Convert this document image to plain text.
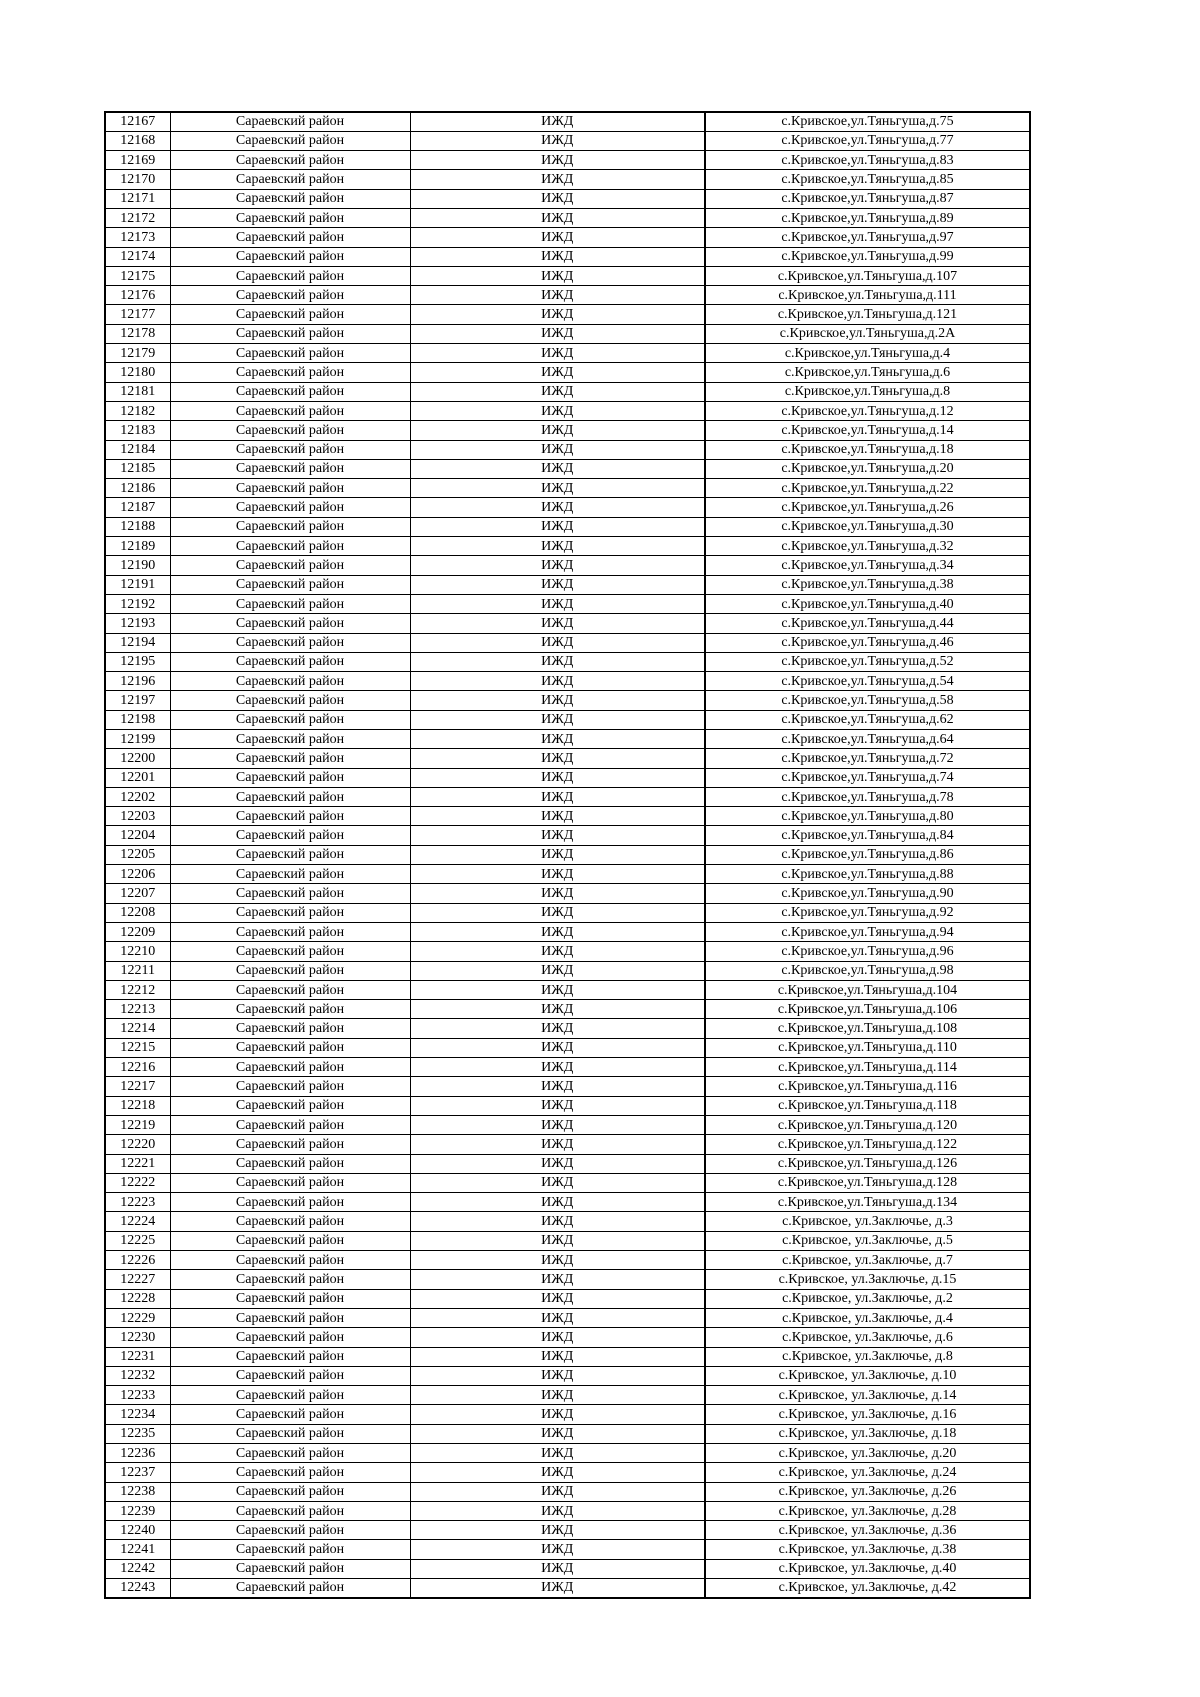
12167	Сараевский район	ИЖД	с.Кривское,ул.Тяньгуша,д.75
12168	Сараевский район	ИЖД	с.Кривское,ул.Тяньгуша,д.77
12169	Сараевский район	ИЖД	с.Кривское,ул.Тяньгуша,д.83
12170	Сараевский район	ИЖД	с.Кривское,ул.Тяньгуша,д.85
12171	Сараевский район	ИЖД	с.Кривское,ул.Тяньгуша,д.87
12172	Сараевский район	ИЖД	с.Кривское,ул.Тяньгуша,д.89
12173	Сараевский район	ИЖД	с.Кривское,ул.Тяньгуша,д.97
12174	Сараевский район	ИЖД	с.Кривское,ул.Тяньгуша,д.99
12175	Сараевский район	ИЖД	с.Кривское,ул.Тяньгуша,д.107
12176	Сараевский район	ИЖД	с.Кривское,ул.Тяньгуша,д.111
12177	Сараевский район	ИЖД	с.Кривское,ул.Тяньгуша,д.121
12178	Сараевский район	ИЖД	с.Кривское,ул.Тяньгуша,д.2А
12179	Сараевский район	ИЖД	с.Кривское,ул.Тяньгуша,д.4
12180	Сараевский район	ИЖД	с.Кривское,ул.Тяньгуша,д.6
12181	Сараевский район	ИЖД	с.Кривское,ул.Тяньгуша,д.8
12182	Сараевский район	ИЖД	с.Кривское,ул.Тяньгуша,д.12
12183	Сараевский район	ИЖД	с.Кривское,ул.Тяньгуша,д.14
12184	Сараевский район	ИЖД	с.Кривское,ул.Тяньгуша,д.18
12185	Сараевский район	ИЖД	с.Кривское,ул.Тяньгуша,д.20
12186	Сараевский район	ИЖД	с.Кривское,ул.Тяньгуша,д.22
12187	Сараевский район	ИЖД	с.Кривское,ул.Тяньгуша,д.26
12188	Сараевский район	ИЖД	с.Кривское,ул.Тяньгуша,д.30
12189	Сараевский район	ИЖД	с.Кривское,ул.Тяньгуша,д.32
12190	Сараевский район	ИЖД	с.Кривское,ул.Тяньгуша,д.34
12191	Сараевский район	ИЖД	с.Кривское,ул.Тяньгуша,д.38
12192	Сараевский район	ИЖД	с.Кривское,ул.Тяньгуша,д.40
12193	Сараевский район	ИЖД	с.Кривское,ул.Тяньгуша,д.44
12194	Сараевский район	ИЖД	с.Кривское,ул.Тяньгуша,д.46
12195	Сараевский район	ИЖД	с.Кривское,ул.Тяньгуша,д.52
12196	Сараевский район	ИЖД	с.Кривское,ул.Тяньгуша,д.54
12197	Сараевский район	ИЖД	с.Кривское,ул.Тяньгуша,д.58
12198	Сараевский район	ИЖД	с.Кривское,ул.Тяньгуша,д.62
12199	Сараевский район	ИЖД	с.Кривское,ул.Тяньгуша,д.64
12200	Сараевский район	ИЖД	с.Кривское,ул.Тяньгуша,д.72
12201	Сараевский район	ИЖД	с.Кривское,ул.Тяньгуша,д.74
12202	Сараевский район	ИЖД	с.Кривское,ул.Тяньгуша,д.78
12203	Сараевский район	ИЖД	с.Кривское,ул.Тяньгуша,д.80
12204	Сараевский район	ИЖД	с.Кривское,ул.Тяньгуша,д.84
12205	Сараевский район	ИЖД	с.Кривское,ул.Тяньгуша,д.86
12206	Сараевский район	ИЖД	с.Кривское,ул.Тяньгуша,д.88
12207	Сараевский район	ИЖД	с.Кривское,ул.Тяньгуша,д.90
12208	Сараевский район	ИЖД	с.Кривское,ул.Тяньгуша,д.92
12209	Сараевский район	ИЖД	с.Кривское,ул.Тяньгуша,д.94
12210	Сараевский район	ИЖД	с.Кривское,ул.Тяньгуша,д.96
12211	Сараевский район	ИЖД	с.Кривское,ул.Тяньгуша,д.98
12212	Сараевский район	ИЖД	с.Кривское,ул.Тяньгуша,д.104
12213	Сараевский район	ИЖД	с.Кривское,ул.Тяньгуша,д.106
12214	Сараевский район	ИЖД	с.Кривское,ул.Тяньгуша,д.108
12215	Сараевский район	ИЖД	с.Кривское,ул.Тяньгуша,д.110
12216	Сараевский район	ИЖД	с.Кривское,ул.Тяньгуша,д.114
12217	Сараевский район	ИЖД	с.Кривское,ул.Тяньгуша,д.116
12218	Сараевский район	ИЖД	с.Кривское,ул.Тяньгуша,д.118
12219	Сараевский район	ИЖД	с.Кривское,ул.Тяньгуша,д.120
12220	Сараевский район	ИЖД	с.Кривское,ул.Тяньгуша,д.122
12221	Сараевский район	ИЖД	с.Кривское,ул.Тяньгуша,д.126
12222	Сараевский район	ИЖД	с.Кривское,ул.Тяньгуша,д.128
12223	Сараевский район	ИЖД	с.Кривское,ул.Тяньгуша,д.134
12224	Сараевский район	ИЖД	с.Кривское, ул.Заключье, д.3
12225	Сараевский район	ИЖД	с.Кривское, ул.Заключье, д.5
12226	Сараевский район	ИЖД	с.Кривское, ул.Заключье, д.7
12227	Сараевский район	ИЖД	с.Кривское, ул.Заключье, д.15
12228	Сараевский район	ИЖД	с.Кривское, ул.Заключье, д.2
12229	Сараевский район	ИЖД	с.Кривское, ул.Заключье, д.4
12230	Сараевский район	ИЖД	с.Кривское, ул.Заключье, д.6
12231	Сараевский район	ИЖД	с.Кривское, ул.Заключье, д.8
12232	Сараевский район	ИЖД	с.Кривское, ул.Заключье, д.10
12233	Сараевский район	ИЖД	с.Кривское, ул.Заключье, д.14
12234	Сараевский район	ИЖД	с.Кривское, ул.Заключье, д.16
12235	Сараевский район	ИЖД	с.Кривское, ул.Заключье, д.18
12236	Сараевский район	ИЖД	с.Кривское, ул.Заключье, д.20
12237	Сараевский район	ИЖД	с.Кривское, ул.Заключье, д.24
12238	Сараевский район	ИЖД	с.Кривское, ул.Заключье, д.26
12239	Сараевский район	ИЖД	с.Кривское, ул.Заключье, д.28
12240	Сараевский район	ИЖД	с.Кривское, ул.Заключье, д.36
12241	Сараевский район	ИЖД	с.Кривское, ул.Заключье, д.38
12242	Сараевский район	ИЖД	с.Кривское, ул.Заключье, д.40
12243	Сараевский район	ИЖД	с.Кривское, ул.Заключье, д.42
